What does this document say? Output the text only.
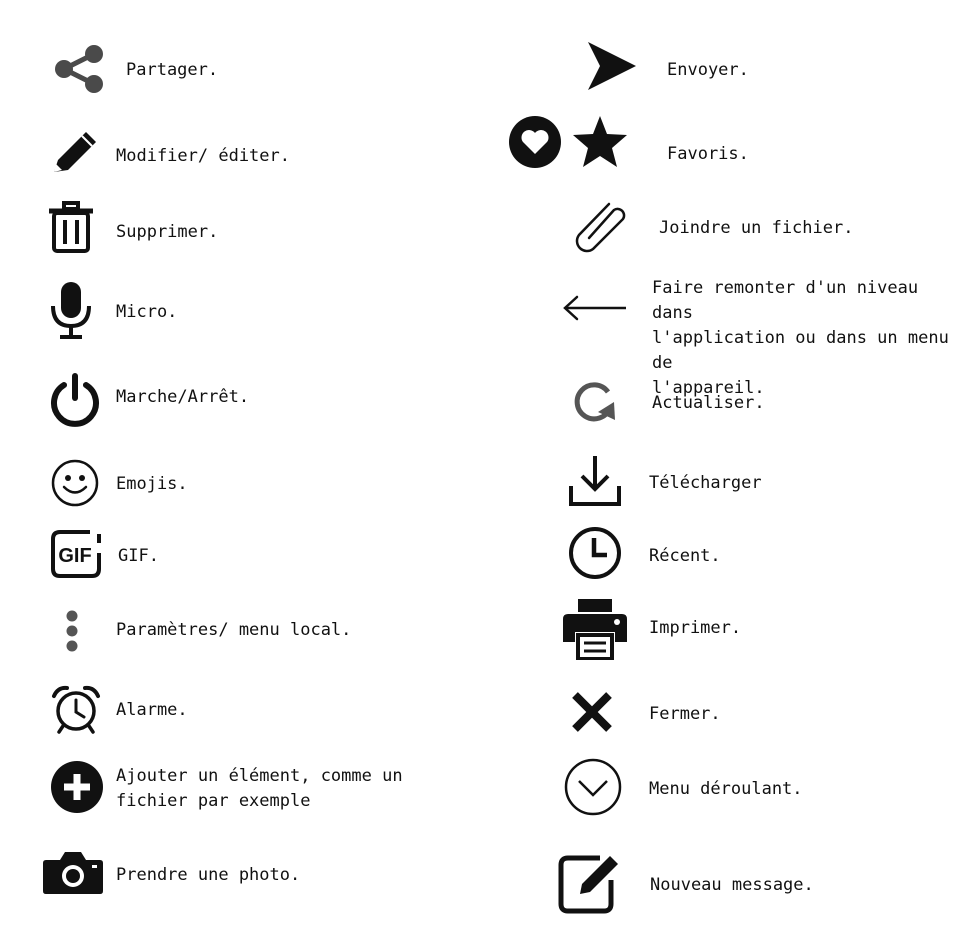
Partager.
Modifier/ éditer.
Supprimer.
Micro.
Marche/Arrêt.
Emojis.
GIF GIF.
Paramètres/ menu local.
Alarme.
Ajouter un élément, comme un
fichier par exemple
Prendre une photo.
Envoyer.
Favoris.
Joindre un fichier.
Faire remonter d'un niveau dans
l'application ou dans un menu de
l'appareil.
Actualiser.
Télécharger
Récent.
Imprimer.
Fermer.
Menu déroulant.
Nouveau message.
